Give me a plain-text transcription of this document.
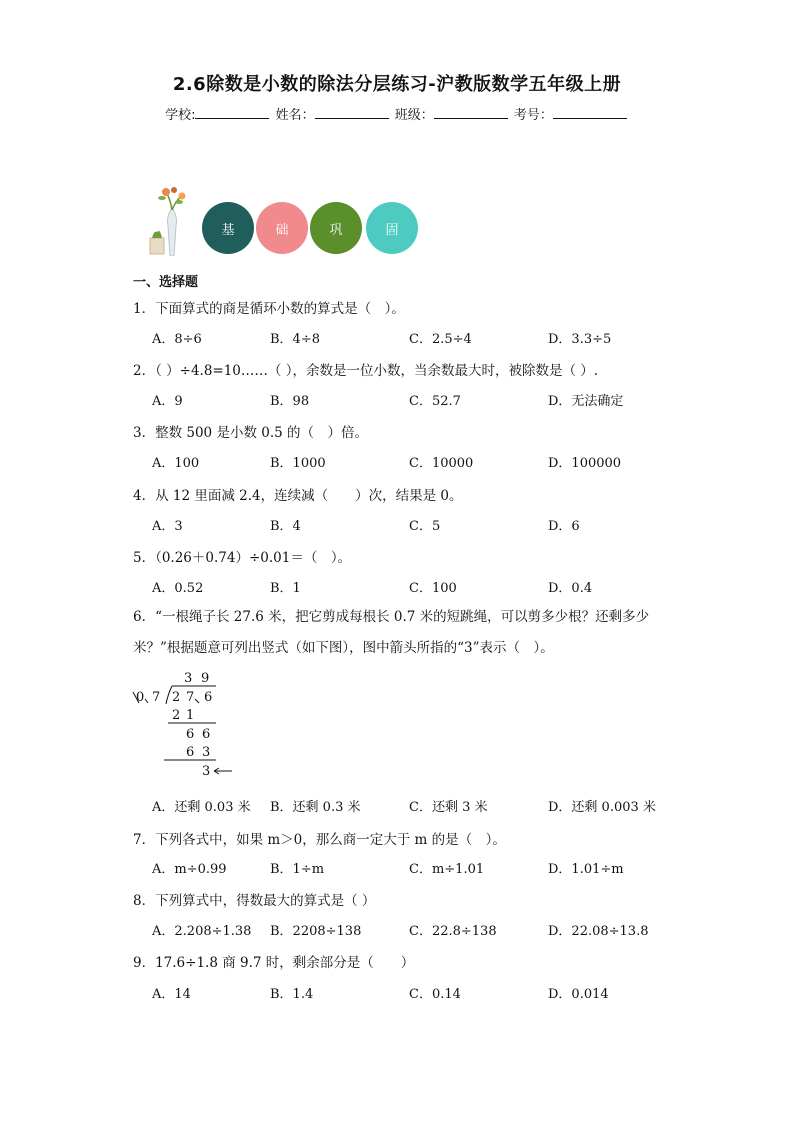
2.6除数是小数的除法分层练习-沪教版数学五年级上册
学校:	姓名：	班级：	考号：
基	础	巩	固
一、选择题
1．下面算式的商是循环小数的算式是（　）。
A．8÷6	B．4÷8	C．2.5÷4	D．3.3÷5
2．（ ）÷4.8=10……（ ），余数是一位小数，当余数最大时，被除数是（ ）.
A．9	B．98	C．52.7	D．无法确定
3．整数 500 是小数 0.5 的（　）倍。
A．100	B．1000	C．10000	D．100000
4．从 12 里面减 2.4，连续减（　　）次，结果是 0。
A．3	B．4	C．5	D．6
5．（0.26＋0.74）÷0.01＝（　）。
A．0.52	B．1	C．100	D．0.4
6．“一根绳子长 27.6 米，把它剪成每根长 0.7 米的短跳绳，可以剪多少根？还剩多少
米？”根据题意可列出竖式（如下图），图中箭头所指的“3”表示（　）。
3 9
0 7 2 7 6
2 1
6 6
6 3
3
A．还剩 0.03 米 B．还剩 0.3 米	C．还剩 3 米	D．还剩 0.003 米
7．下列各式中，如果 m＞0，那么商一定大于 m 的是（　）。
A．m÷0.99	B．1÷m	C．m÷1.01	D．1.01÷m
8．下列算式中，得数最大的算式是（ ）
A．2.208÷1.38 B．2208÷138	C．22.8÷138	D．22.08÷13.8
9．17.6÷1.8 商 9.7 时，剩余部分是（　　）
A．14	B．1.4	C．0.14	D．0.014
